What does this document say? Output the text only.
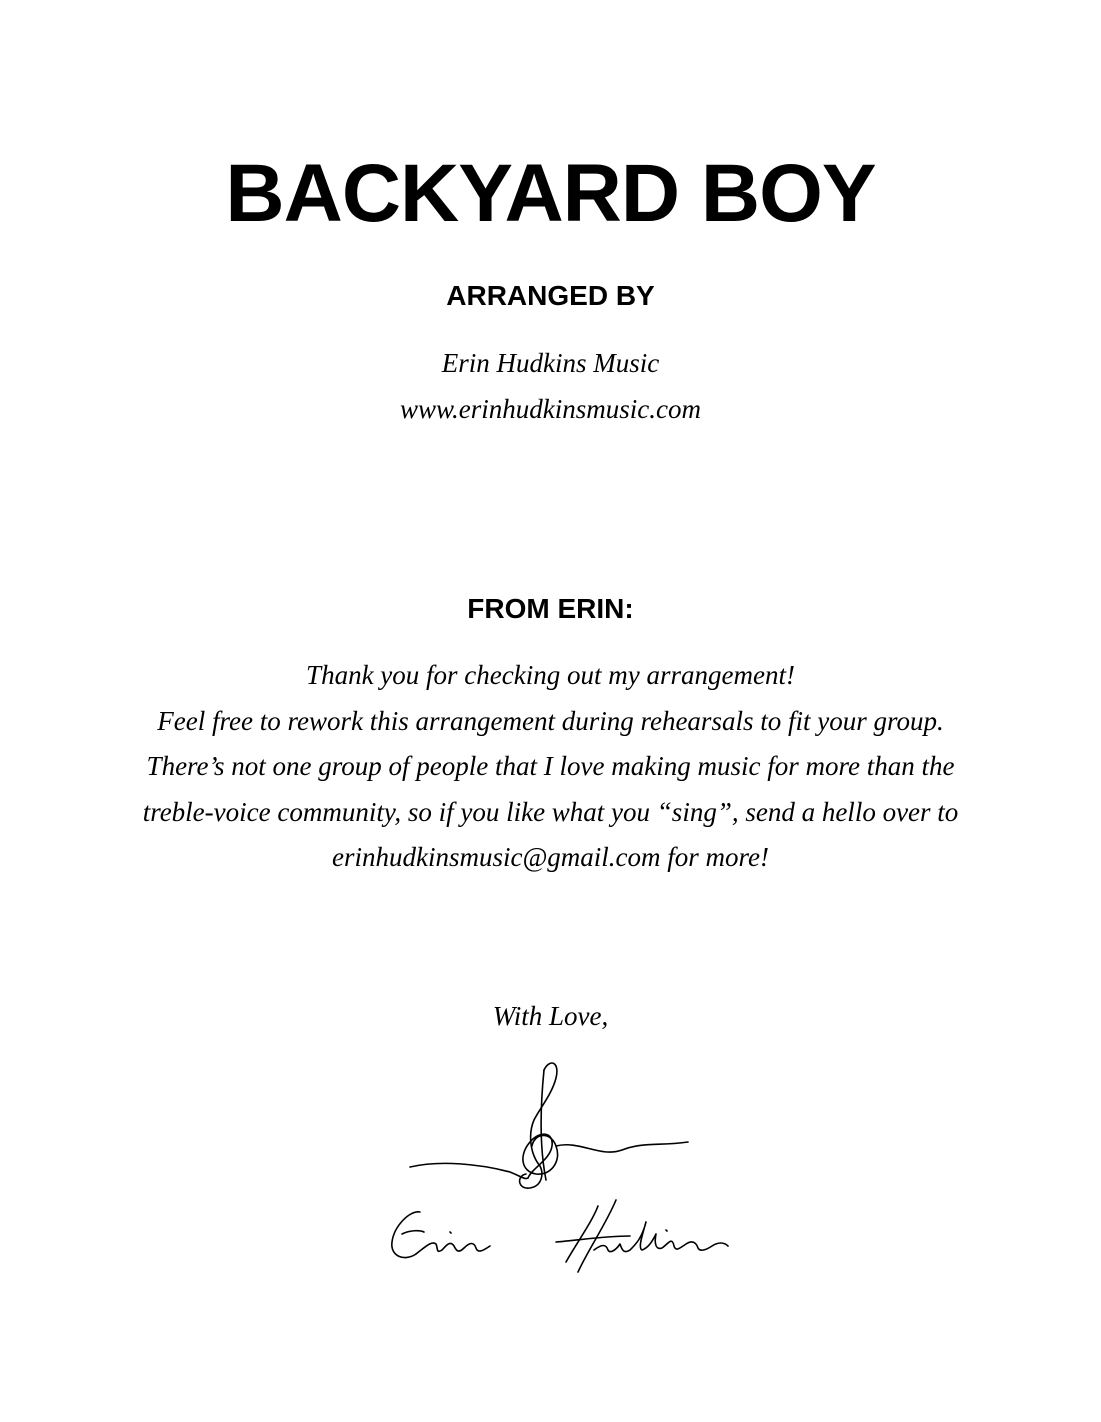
BACKYARD BOY
ARRANGED BY

Erin Hudkins Music

www.erinhudkinsmusic.com

FROM ERIN:
Thank you for checking out my arrangement!
Feel free to rework this arrangement during rehearsals to fit your group.
There’s not one group of people that I love making music for more than the
treble-voice community, so if you like what you “sing”, send a hello over to
erinhudkinsmusic@gmail.com for more!

With Love,
